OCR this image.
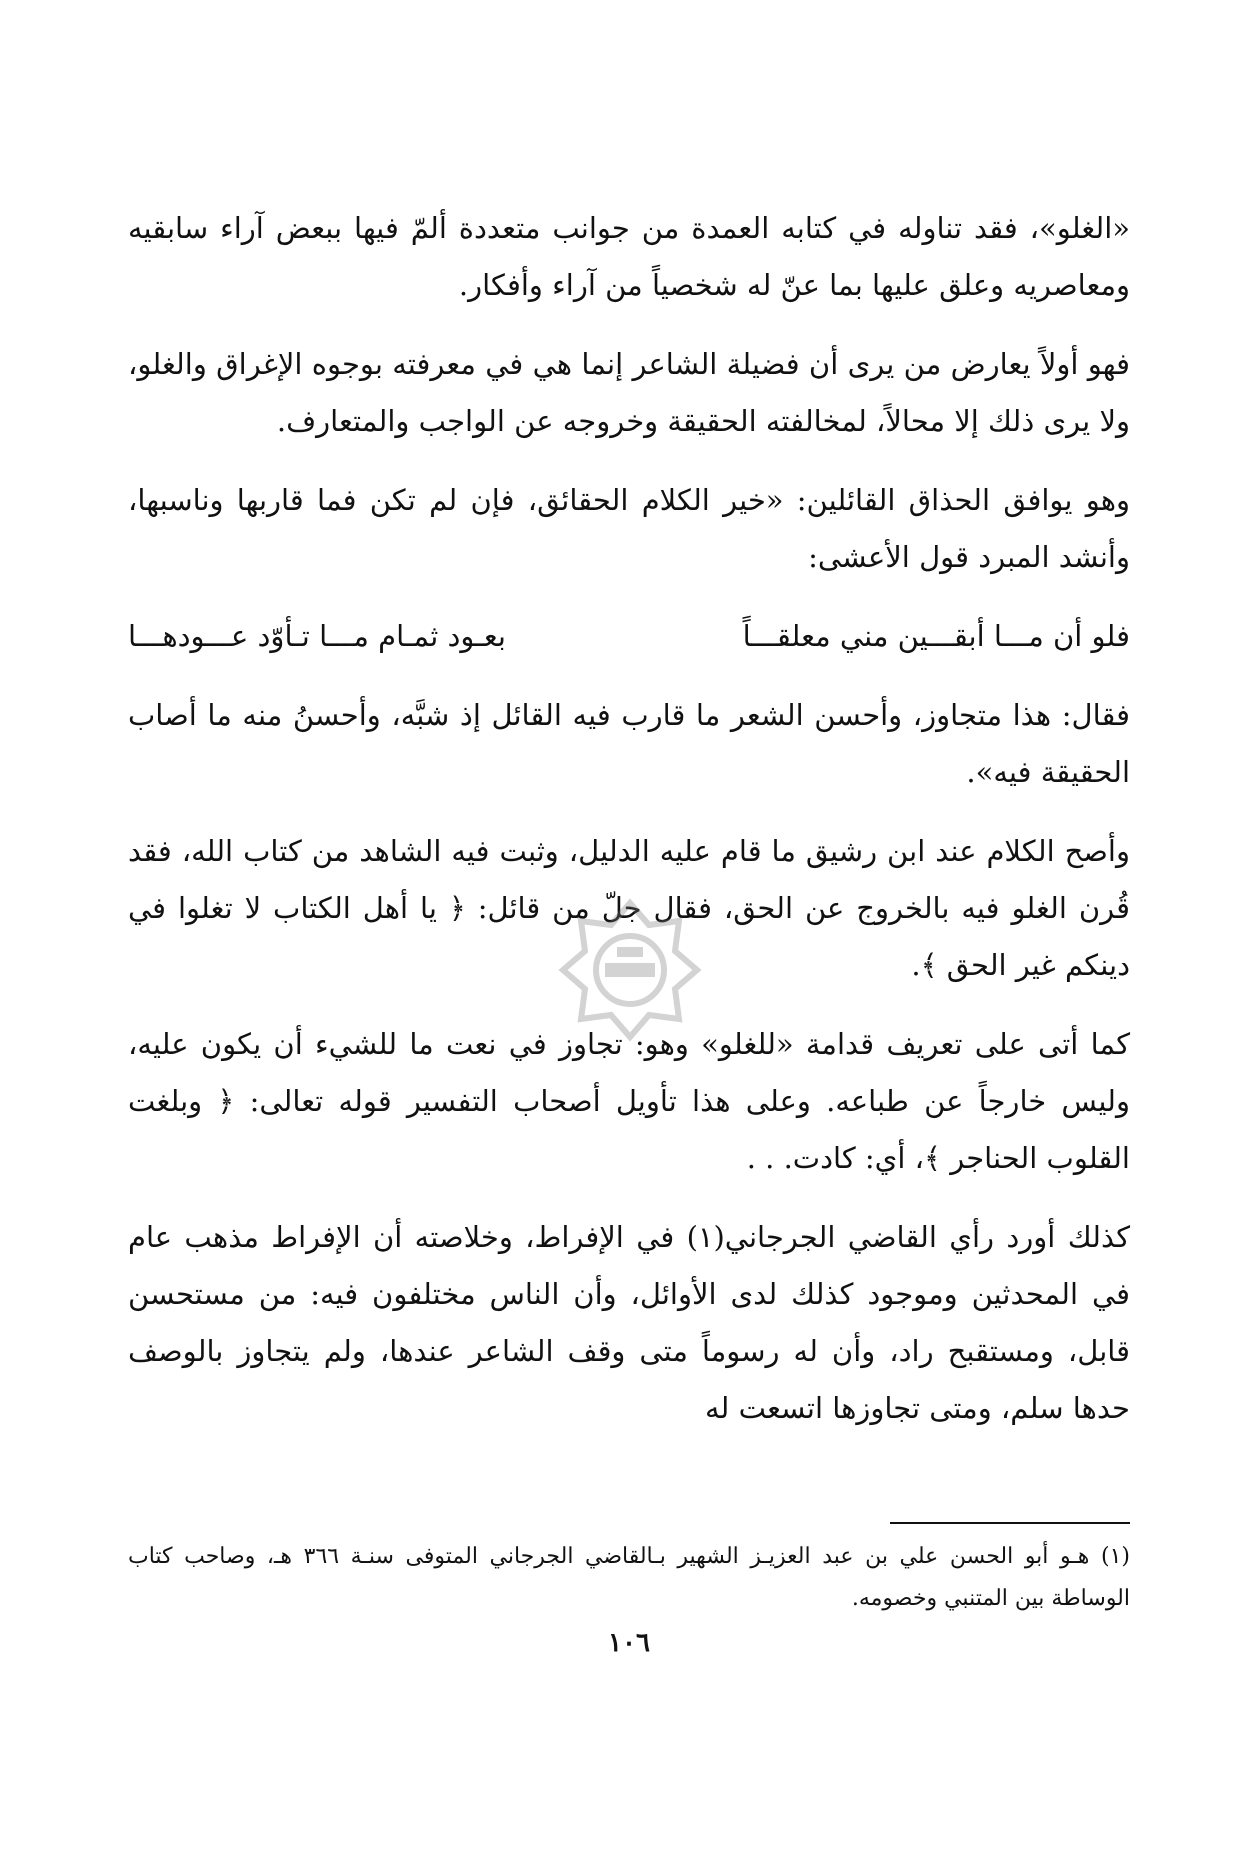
«الغلو»، فقد تناوله في كتابه العمدة من جوانب متعددة ألمّ فيها ببعض آراء سابقيه ومعاصريه وعلق عليها بما عنّ له شخصياً من آراء وأفكار.

فهو أولاً يعارض من يرى أن فضيلة الشاعر إنما هي في معرفته بوجوه الإغراق والغلو، ولا يرى ذلك إلا محالاً، لمخالفته الحقيقة وخروجه عن الواجب والمتعارف.

وهو يوافق الحذاق القائلين: «خير الكلام الحقائق، فإن لم تكن فما قاربها وناسبها، وأنشد المبرد قول الأعشى:

فلو أن مـــا أبقـــين مني معلقـــاً
بعـود ثمـام مـــا تـأوّد عـــودهـــا

فقال: هذا متجاوز، وأحسن الشعر ما قارب فيه القائل إذ شبَّه، وأحسنُ منه ما أصاب الحقيقة فيه».

وأصح الكلام عند ابن رشيق ما قام عليه الدليل، وثبت فيه الشاهد من كتاب الله، فقد قُرن الغلو فيه بالخروج عن الحق، فقال جلّ من قائل: ﴿ يا أهل الكتاب لا تغلوا في دينكم غير الحق ﴾.

كما أتى على تعريف قدامة «للغلو» وهو: تجاوز في نعت ما للشيء أن يكون عليه، وليس خارجاً عن طباعه. وعلى هذا تأويل أصحاب التفسير قوله تعالى: ﴿ وبلغت القلوب الحناجر ﴾، أي: كادت. . .

كذلك أورد رأي القاضي الجرجاني(١) في الإفراط، وخلاصته أن الإفراط مذهب عام في المحدثين وموجود كذلك لدى الأوائل، وأن الناس مختلفون فيه: من مستحسن قابل، ومستقبح راد، وأن له رسوماً متى وقف الشاعر عندها، ولم يتجاوز بالوصف حدها سلم، ومتى تجاوزها اتسعت له

(١) هـو أبو الحسن علي بن عبد العزيـز الشهير بـالقاضي الجرجاني المتوفى سنـة ٣٦٦ هـ، وصاحب كتاب الوساطة بين المتنبي وخصومه.

١٠٦
